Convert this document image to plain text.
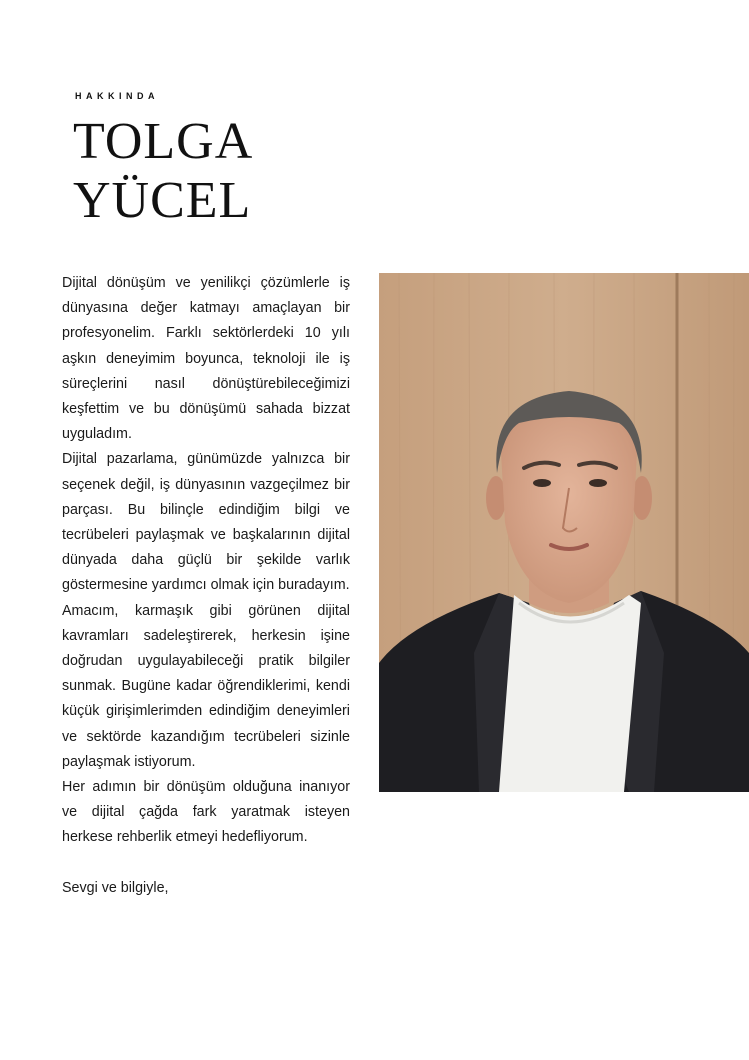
HAKKINDA
TOLGA
YÜCEL

Dijital dönüşüm ve yenilikçi çözümlerle iş dünyasına değer katmayı amaçlayan bir profesyonelim. Farklı sektörlerdeki 10 yılı aşkın deneyimim boyunca, teknoloji ile iş süreçlerini nasıl dönüştürebileceğimizi keşfettim ve bu dönüşümü sahada bizzat uyguladım.

Dijital pazarlama, günümüzde yalnızca bir seçenek değil, iş dünyasının vazgeçilmez bir parçası. Bu bilinçle edindiğim bilgi ve tecrübeleri paylaşmak ve başkalarının dijital dünyada daha güçlü bir şekilde varlık göstermesine yardımcı olmak için buradayım.

Amacım, karmaşık gibi görünen dijital kavramları sadeleştirerek, herkesin işine doğrudan uygulayabileceği pratik bilgiler sunmak. Bugüne kadar öğrendiklerimi, kendi küçük girişimlerimden edindiğim deneyimleri ve sektörde kazandığım tecrübeleri sizinle paylaşmak istiyorum.

Her adımın bir dönüşüm olduğuna inanıyor ve dijital çağda fark yaratmak isteyen herkese rehberlik etmeyi hedefliyorum.

Sevgi ve bilgiyle,
